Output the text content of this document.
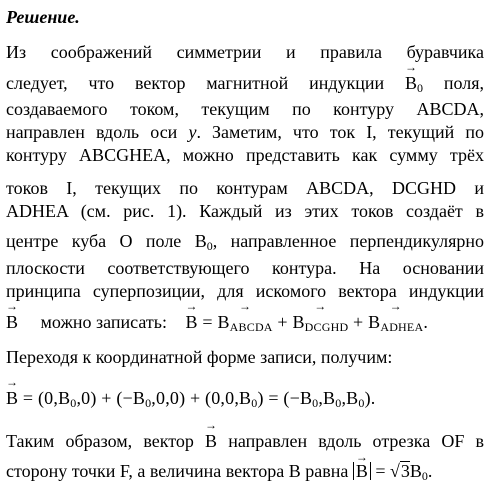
Решение.
Из соображений симметрии и правила буравчика
следует, что вектор магнитной индукции → $B_0$ поля,
создаваемого током, текущим по контуру ABCDA,
направлен вдоль оси y. Заметим, что ток I, текущий по
контуру ABCGHEA, можно представить как сумму трёх
токов I, текущих по контурам ABCDA, DCGHD и
ADHEA (см. рис. 1). Каждый из этих токов создаёт в
центре куба O поле $B_0$, направленное перпендикулярно
плоскости соответствующего контура. На основании
принципа суперпозиции, для искомого вектора индукции
→ B можно записать: → B = → $B_{ABCDA}$ + → $B_{DCGHD}$ + → $B_{ADHEA}$.
Переходя к координатной форме записи, получим:
→ $B = (0,B_0,0) + (-B_0,0,0) + (0,0,B_0) = (-B_0,B_0,B_0)$.
Таким образом, вектор → B направлен вдоль отрезка OF в
сторону точки F, а величина вектора B равна → $B = √3B_0$.
